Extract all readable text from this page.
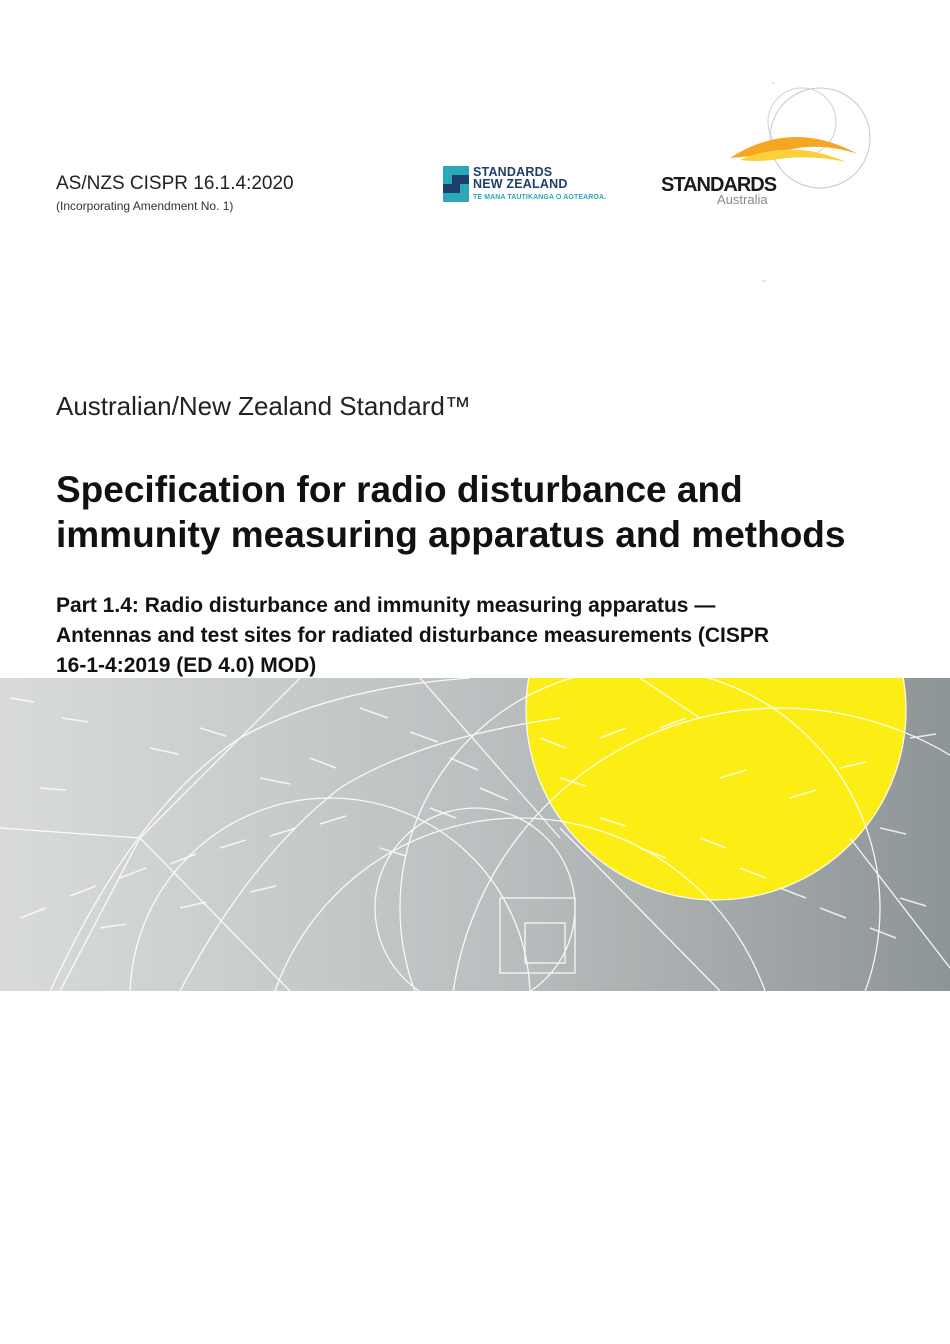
AS/NZS CISPR 16.1.4:2020
(Incorporating Amendment No. 1)
STANDARDS
NEW ZEALAND
TE MANA TAUTIKANGA O AOTEAROA.
STANDARDS
Australia
Australian/New Zealand Standard™
Specification for radio disturbance and
immunity measuring apparatus and methods
Part 1.4: Radio disturbance and immunity measuring apparatus —
Antennas and test sites for radiated disturbance measurements (CISPR
16-1-4:2019 (ED 4.0) MOD)
